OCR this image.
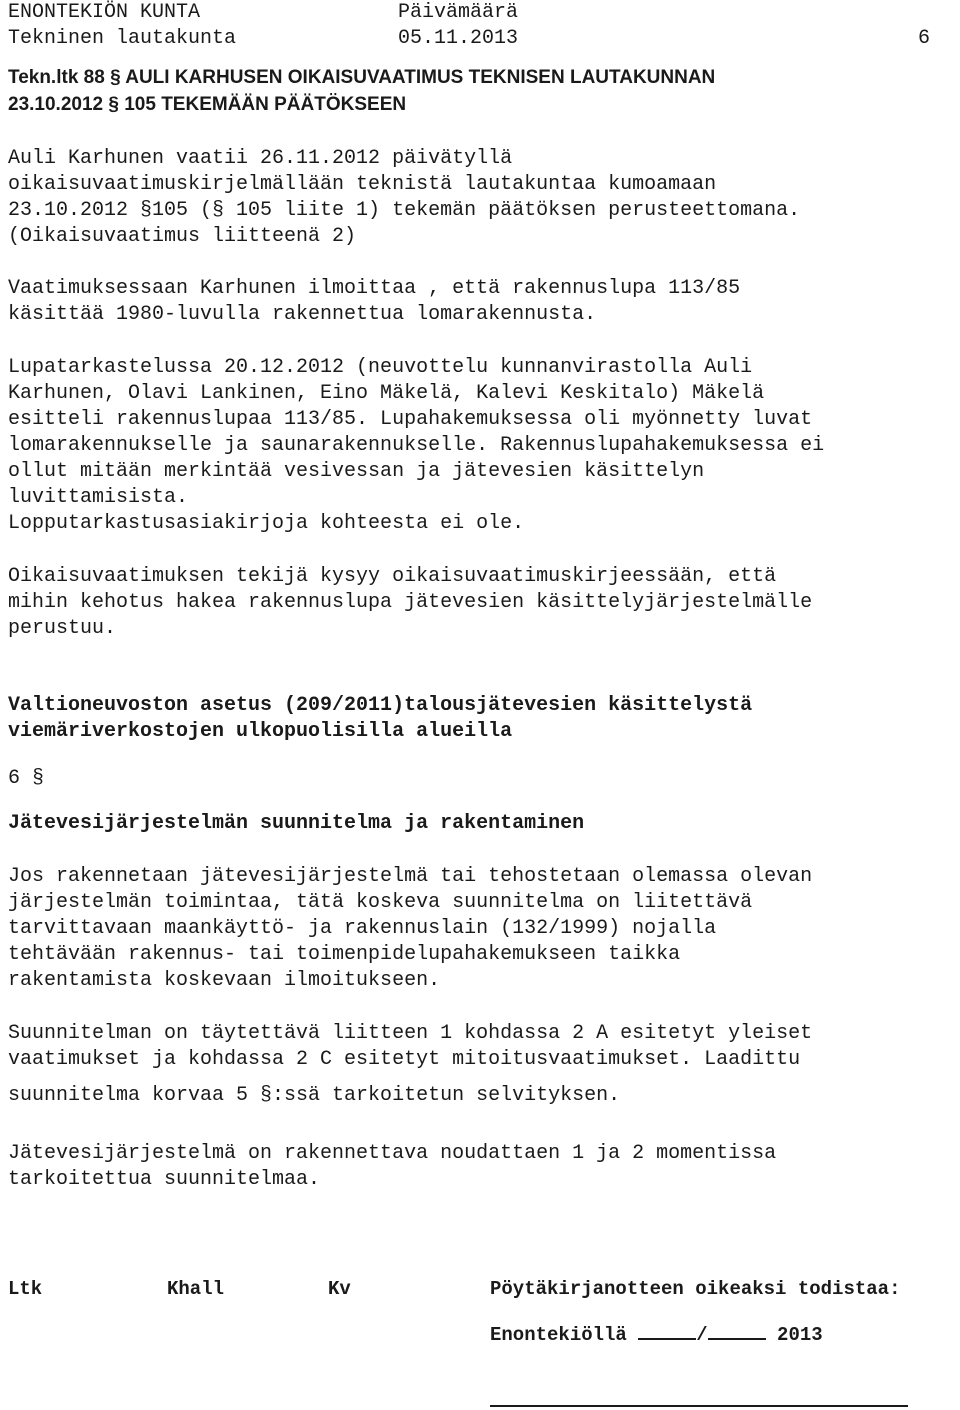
ENONTEKIÖN KUNTA
Tekninen lautakunta
Päivämäärä
05.11.2013	6
Tekn.ltk 88 § AULI KARHUSEN OIKAISUVAATIMUS TEKNISEN LAUTAKUNNAN
23.10.2012 § 105 TEKEMÄÄN PÄÄTÖKSEEN
Auli Karhunen vaatii 26.11.2012 päivätyllä
oikaisuvaatimuskirjelmällään teknistä lautakuntaa kumoamaan
23.10.2012 §105 (§ 105 liite 1) tekemän päätöksen perusteettomana.
(Oikaisuvaatimus liitteenä 2)
Vaatimuksessaan Karhunen ilmoittaa , että rakennuslupa 113/85
käsittää 1980-luvulla rakennettua lomarakennusta.
Lupatarkastelussa 20.12.2012 (neuvottelu kunnanvirastolla Auli
Karhunen, Olavi Lankinen, Eino Mäkelä, Kalevi Keskitalo) Mäkelä
esitteli rakennuslupaa 113/85. Lupahakemuksessa oli myönnetty luvat
lomarakennukselle ja saunarakennukselle. Rakennuslupahakemuksessa ei
ollut mitään merkintää vesivessan ja jätevesien käsittelyn
luvittamisista.
Lopputarkastusasiakirjoja kohteesta ei ole.
Oikaisuvaatimuksen tekijä kysyy oikaisuvaatimuskirjeessään, että
mihin kehotus hakea rakennuslupa jätevesien käsittelyjärjestelmälle
perustuu.
Valtioneuvoston asetus (209/2011)talousjätevesien käsittelystä
viemäriverkostojen ulkopuolisilla alueilla
6 §
Jätevesijärjestelmän suunnitelma ja rakentaminen
Jos rakennetaan jätevesijärjestelmä tai tehostetaan olemassa olevan
järjestelmän toimintaa, tätä koskeva suunnitelma on liitettävä
tarvittavaan maankäyttö- ja rakennuslain (132/1999) nojalla
tehtävään rakennus- tai toimenpidelupahakemukseen taikka
rakentamista koskevaan ilmoitukseen.
Suunnitelman on täytettävä liitteen 1 kohdassa 2 A esitetyt yleiset
vaatimukset ja kohdassa 2 C esitetyt mitoitusvaatimukset. Laadittu
suunnitelma korvaa 5 §:ssä tarkoitetun selvityksen.
Jätevesijärjestelmä on rakennettava noudattaen 1 ja 2 momentissa
tarkoitettua suunnitelmaa.
Ltk	Khall	Kv	Pöytäkirjanotteen oikeaksi todistaa:
Enontekiöllä	/	2013
